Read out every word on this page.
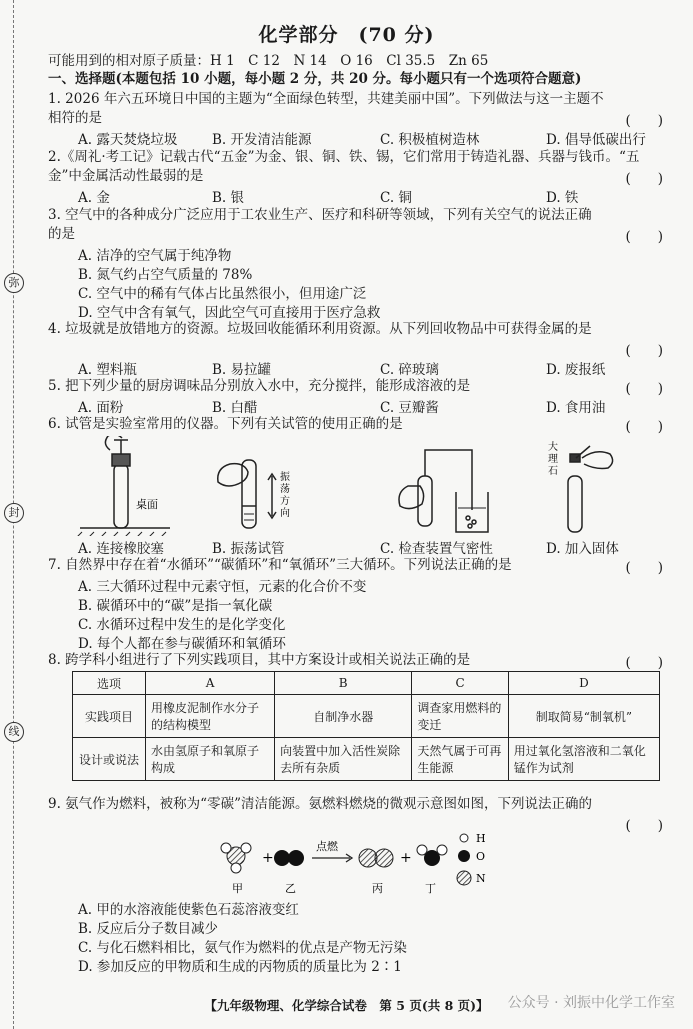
弥
封
线
化学部分　(70 分)
可能用到的相对原子质量：H 1　C 12　N 14　O 16　Cl 35.5　Zn 65
一、选择题(本题包括 10 小题，每小题 2 分，共 20 分。每小题只有一个选项符合题意)
1. 2026 年六五环境日中国的主题为“全面绿色转型，共建美丽中国”。下列做法与这一主题不
相符的是	(　　)
A. 露天焚烧垃圾	B. 开发清洁能源	C. 积极植树造林	D. 倡导低碳出行
2.《周礼·考工记》记载古代“五金”为金、银、铜、铁、锡，它们常用于铸造礼器、兵器与钱币。“五
金”中金属活动性最弱的是	(　　)
A. 金	B. 银	C. 铜	D. 铁
3. 空气中的各种成分广泛应用于工农业生产、医疗和科研等领域，下列有关空气的说法正确
的是	(　　)
A. 洁净的空气属于纯净物
B. 氮气约占空气质量的 78%
C. 空气中的稀有气体占比虽然很小，但用途广泛
D. 空气中含有氧气，因此空气可直接用于医疗急救
4. 垃圾就是放错地方的资源。垃圾回收能循环利用资源。从下列回收物品中可获得金属的是
(　　)
A. 塑料瓶	B. 易拉罐	C. 碎玻璃	D. 废报纸
5. 把下列少量的厨房调味品分别放入水中，充分搅拌，能形成溶液的是	(　　)
A. 面粉	B. 白醋	C. 豆瓣酱	D. 食用油
6. 试管是实验室常用的仪器。下列有关试管的使用正确的是	(　　)
桌面
振荡方向
大理石
A. 连接橡胶塞	B. 振荡试管	C. 检查装置气密性	D. 加入固体
7. 自然界中存在着“水循环”“碳循环”和“氧循环”三大循环。下列说法正确的是	(　　)
A. 三大循环过程中元素守恒，元素的化合价不变
B. 碳循环中的“碳”是指一氧化碳
C. 水循环过程中发生的是化学变化
D. 每个人都在参与碳循环和氧循环
8. 跨学科小组进行了下列实践项目，其中方案设计或相关说法正确的是	(　　)
选项	A	B	C	D
实践项目	用橡皮泥制作水分子的结构模型	自制净水器	调查家用燃料的变迁	制取简易“制氧机”
设计或说法	水由氢原子和氧原子构成	向装置中加入活性炭除去所有杂质	天然气属于可再生能源	用过氧化氢溶液和二氧化锰作为试剂
9. 氨气作为燃料，被称为“零碳”清洁能源。氨燃料燃烧的微观示意图如图，下列说法正确的
(　　)
+
点燃
+
甲	乙	丙	丁
H
O
N
A. 甲的水溶液能使紫色石蕊溶液变红
B. 反应后分子数目减少
C. 与化石燃料相比，氨气作为燃料的优点是产物无污染
D. 参加反应的甲物质和生成的丙物质的质量比为 2∶1
【九年级物理、化学综合试卷　第 5 页(共 8 页)】	公众号 · 刘振中化学工作室
